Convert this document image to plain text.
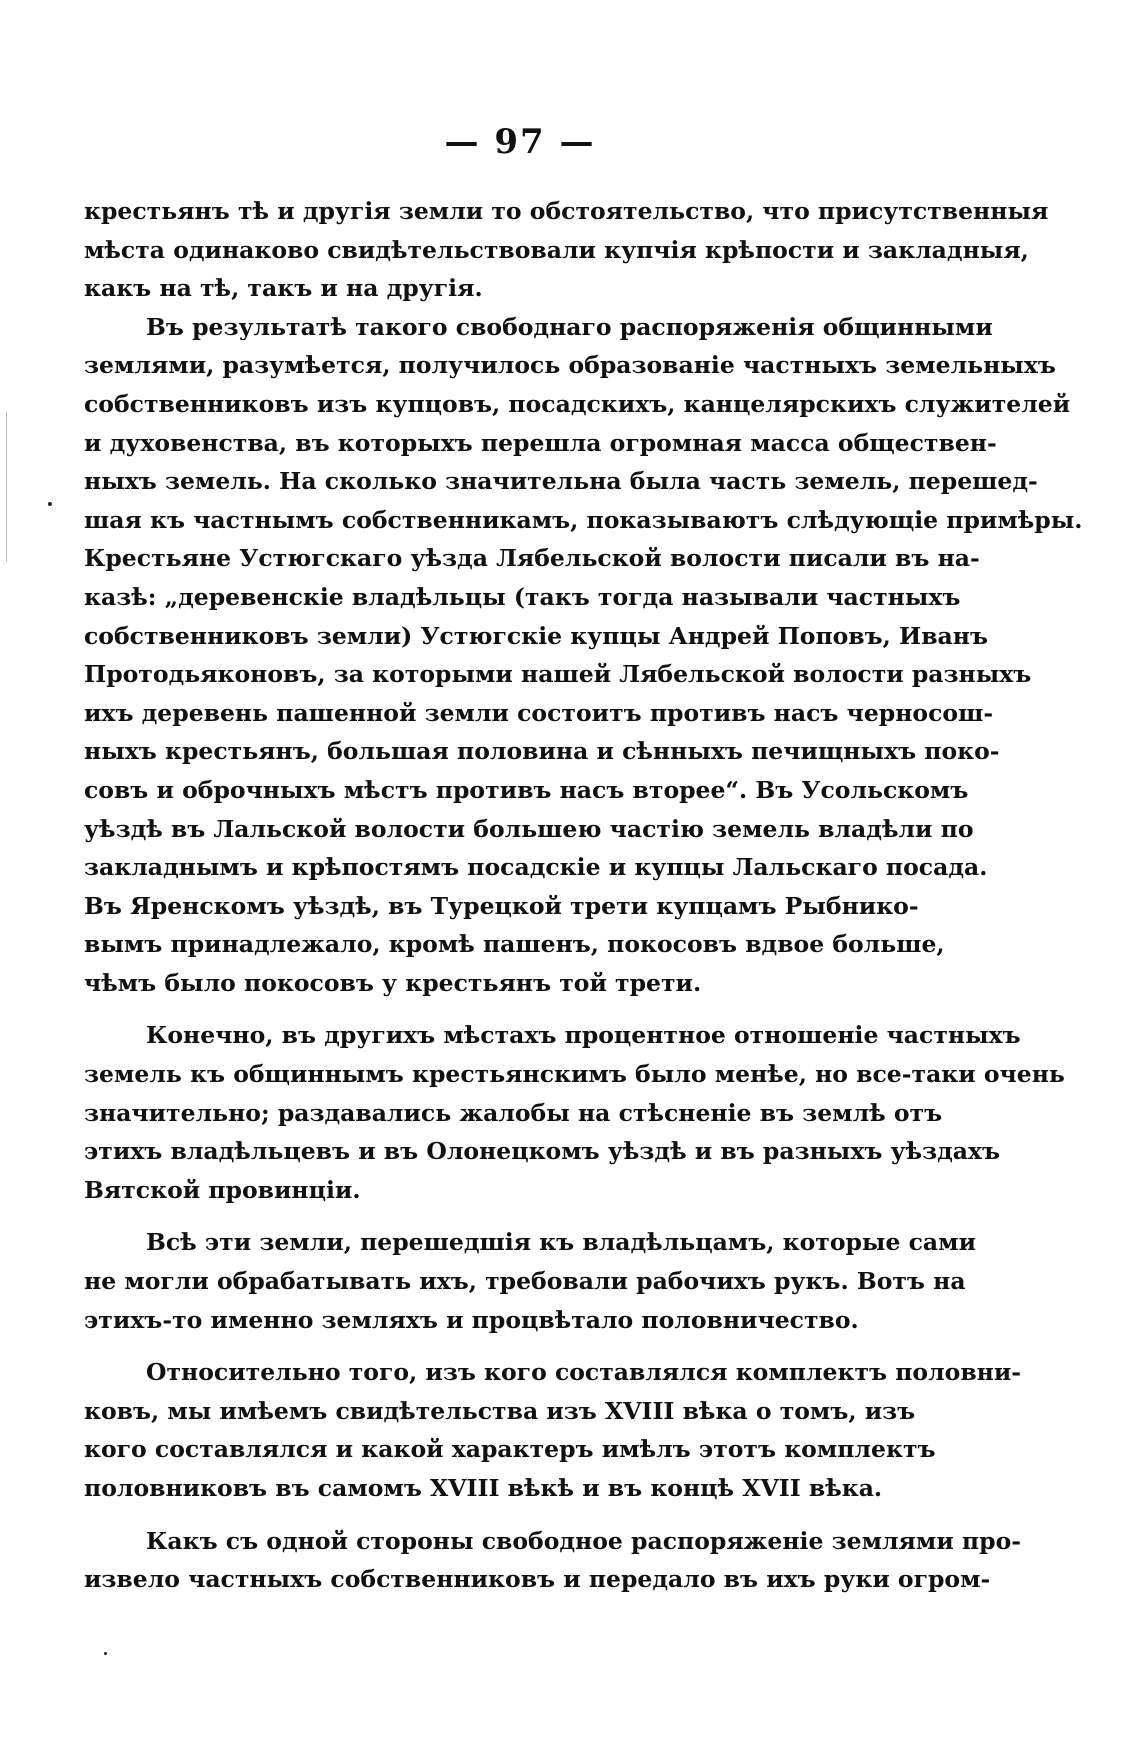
— 97 —
крестьянъ тѣ и другія земли то обстоятельство, что присутственныя
мѣста одинаково свидѣтельствовали купчія крѣпости и закладныя,
какъ на тѣ, такъ и на другія.
Въ результатѣ такого свободнаго распоряженія общинными
землями, разумѣется, получилось образованіе частныхъ земельныхъ
собственниковъ изъ купцовъ, посадскихъ, канцелярскихъ служителей
и духовенства, въ которыхъ перешла огромная масса обществен-
ныхъ земель. На сколько значительна была часть земель, перешед-
шая къ частнымъ собственникамъ, показываютъ слѣдующіе примѣры.
Крестьяне Устюгскаго уѣзда Лябельской волости писали въ на-
казѣ: „деревенскіе владѣльцы (такъ тогда называли частныхъ
собственниковъ земли) Устюгскіе купцы Андрей Поповъ, Иванъ
Протодьяконовъ, за которыми нашей Лябельской волости разныхъ
ихъ деревень пашенной земли состоитъ противъ насъ черносош-
ныхъ крестьянъ, большая половина и сѣнныхъ печищныхъ поко-
совъ и оброчныхъ мѣстъ противъ насъ вторее“. Въ Усольскомъ
уѣздѣ въ Лальской волости большею частію земель владѣли по
закладнымъ и крѣпостямъ посадскіе и купцы Лальскаго посада.
Въ Яренскомъ уѣздѣ, въ Турецкой трети купцамъ Рыбнико-
вымъ принадлежало, кромѣ пашенъ, покосовъ вдвое больше,
чѣмъ было покосовъ у крестьянъ той трети.
Конечно, въ другихъ мѣстахъ процентное отношеніе частныхъ
земель къ общиннымъ крестьянскимъ было менѣе, но все-таки очень
значительно; раздавались жалобы на стѣсненіе въ землѣ отъ
этихъ владѣльцевъ и въ Олонецкомъ уѣздѣ и въ разныхъ уѣздахъ
Вятской провинціи.
Всѣ эти земли, перешедшія къ владѣльцамъ, которые сами
не могли обрабатывать ихъ, требовали рабочихъ рукъ. Вотъ на
этихъ-то именно земляхъ и процвѣтало половничество.
Относительно того, изъ кого составлялся комплектъ половни-
ковъ, мы имѣемъ свидѣтельства изъ XVIII вѣка о томъ, изъ
кого составлялся и какой характеръ имѣлъ этотъ комплектъ
половниковъ въ самомъ XVIII вѣкѣ и въ концѣ XVII вѣка.
Какъ съ одной стороны свободное распоряженіе землями про-
извело частныхъ собственниковъ и передало въ ихъ руки огром-
